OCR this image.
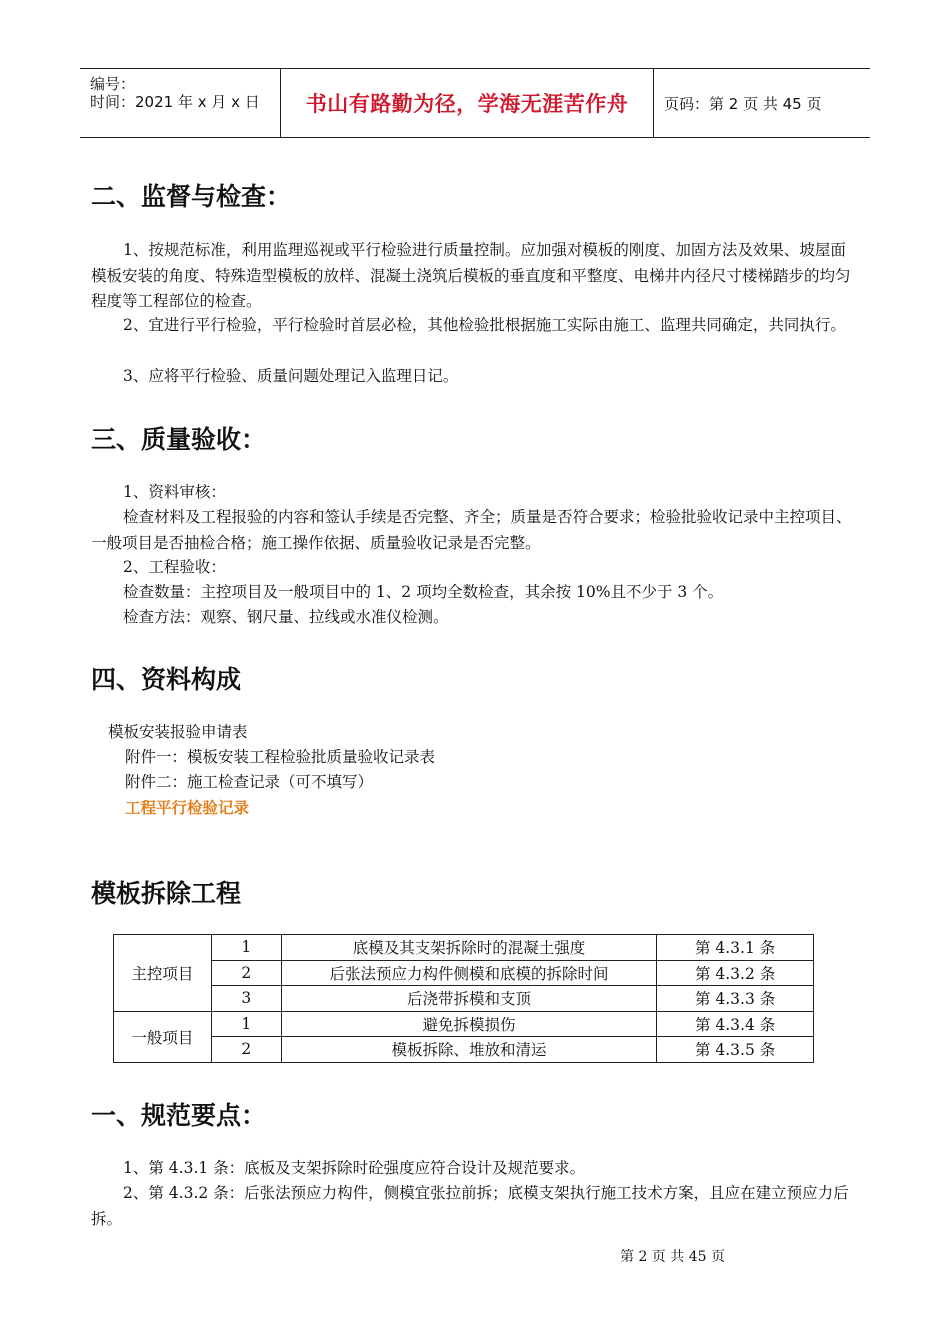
编号：
时间：2021 年 x 月 x 日 书山有路勤为径，学海无涯苦作舟 页码：第 2 页 共 45 页
二、监督与检查：
1、按规范标准，利用监理巡视或平行检验进行质量控制。应加强对模板的刚度、加固方法及效果、坡屋面模板安装的角度、特殊造型模板的放样、混凝土浇筑后模板的垂直度和平整度、电梯井内径尺寸楼梯踏步的均匀程度等工程部位的检查。
2、宜进行平行检验，平行检验时首层必检，其他检验批根据施工实际由施工、监理共同确定，共同执行。
3、应将平行检验、质量问题处理记入监理日记。
三、质量验收：
1、资料审核：
检查材料及工程报验的内容和签认手续是否完整、齐全；质量是否符合要求；检验批验收记录中主控项目、一般项目是否抽检合格；施工操作依据、质量验收记录是否完整。
2、工程验收：
检查数量：主控项目及一般项目中的 1、2 项均全数检查，其余按 10%且不少于 3 个。
检查方法：观察、钢尺量、拉线或水准仪检测。
四、资料构成
模板安装报验申请表
附件一：模板安装工程检验批质量验收记录表
附件二：施工检查记录（可不填写）
工程平行检验记录
模板拆除工程
主控项目	1	底模及其支架拆除时的混凝土强度	第 4.3.1 条
	2	后张法预应力构件侧模和底模的拆除时间	第 4.3.2 条
	3	后浇带拆模和支顶	第 4.3.3 条
一般项目	1	避免拆模损伤	第 4.3.4 条
	2	模板拆除、堆放和清运	第 4.3.5 条
一、规范要点：
1、第 4.3.1 条：底板及支架拆除时砼强度应符合设计及规范要求。
2、第 4.3.2 条：后张法预应力构件，侧模宜张拉前拆；底模支架执行施工技术方案，且应在建立预应力后拆。
第 2 页 共 45 页
